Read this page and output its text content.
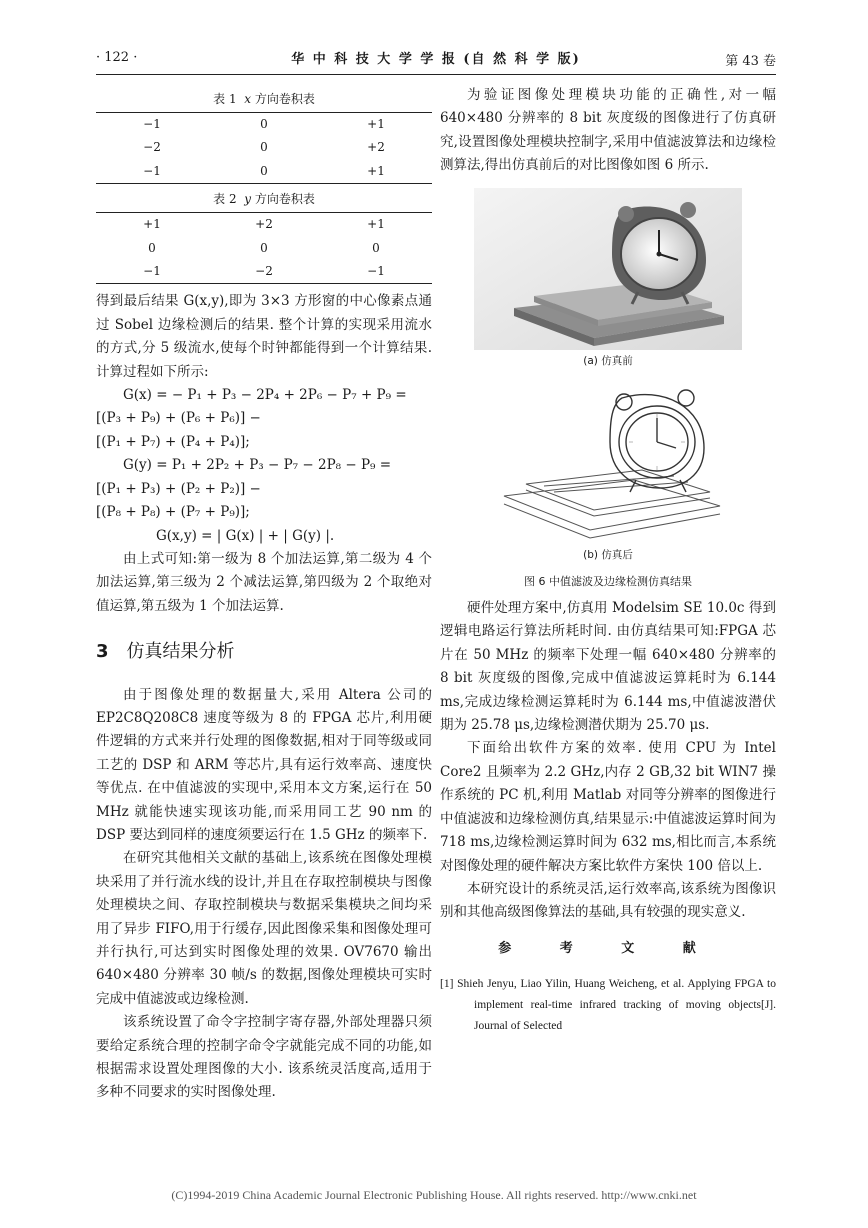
· 122 ·	华 中 科 技 大 学 学 报 (自 然 科 学 版)	第 43 卷
表 1 x 方向卷积表
−1	0	+1
−2	0	+2
−1	0	+1
表 2 y 方向卷积表
+1	+2	+1
0	0	0
−1	−2	−1

得到最后结果 G(x,y),即为 3×3 方形窗的中心像素点通过 Sobel 边缘检测后的结果. 整个计算的实现采用流水的方式,分 5 级流水,使每个时钟都能得到一个计算结果. 计算过程如下所示:

G(x) = − P₁ + P₃ − 2P₄ + 2P₆ − P₇ + P₉ =

[(P₃ + P₉) + (P₆ + P₆)] −

[(P₁ + P₇) + (P₄ + P₄)];

G(y) = P₁ + 2P₂ + P₃ − P₇ − 2P₈ − P₉ =

[(P₁ + P₃) + (P₂ + P₂)] −

[(P₈ + P₈) + (P₇ + P₉)];

G(x,y) = | G(x) | + | G(y) |.

由上式可知:第一级为 8 个加法运算,第二级为 4 个加法运算,第三级为 2 个减法运算,第四级为 2 个取绝对值运算,第五级为 1 个加法运算.

3 仿真结果分析

由于图像处理的数据量大,采用 Altera 公司的 EP2C8Q208C8 速度等级为 8 的 FPGA 芯片,利用硬件逻辑的方式来并行处理的图像数据,相对于同等级或同工艺的 DSP 和 ARM 等芯片,具有运行效率高、速度快等优点. 在中值滤波的实现中,采用本文方案,运行在 50 MHz 就能快速实现该功能,而采用同工艺 90 nm 的 DSP 要达到同样的速度须要运行在 1.5 GHz 的频率下.

在研究其他相关文献的基础上,该系统在图像处理模块采用了并行流水线的设计,并且在存取控制模块与图像处理模块之间、存取控制模块与数据采集模块之间均采用了异步 FIFO,用于行缓存,因此图像采集和图像处理可并行执行,可达到实时图像处理的效果. OV7670 输出 640×480 分辨率 30 帧/s 的数据,图像处理模块可实时完成中值滤波或边缘检测.

该系统设置了命令字控制字寄存器,外部处理器只须要给定系统合理的控制字命令字就能完成不同的功能,如根据需求设置处理图像的大小. 该系统灵活度高,适用于多种不同要求的实时图像处理.

为验证图像处理模块功能的正确性,对一幅 640×480 分辨率的 8 bit 灰度级的图像进行了仿真研究,设置图像处理模块控制字,采用中值滤波算法和边缘检测算法,得出仿真前后的对比图像如图 6 所示.

(a) 仿真前
(b) 仿真后
图 6 中值滤波及边缘检测仿真结果

硬件处理方案中,仿真用 Modelsim SE 10.0c 得到逻辑电路运行算法所耗时间. 由仿真结果可知:FPGA 芯片在 50 MHz 的频率下处理一幅 640×480 分辨率的 8 bit 灰度级的图像,完成中值滤波运算耗时为 6.144 ms,完成边缘检测运算耗时为 6.144 ms,中值滤波潜伏期为 25.78 μs,边缘检测潜伏期为 25.70 μs.

下面给出软件方案的效率. 使用 CPU 为 Intel Core2 且频率为 2.2 GHz,内存 2 GB,32 bit WIN7 操作系统的 PC 机,利用 Matlab 对同等分辨率的图像进行中值滤波和边缘检测仿真,结果显示:中值滤波运算时间为 718 ms,边缘检测运算时间为 632 ms,相比而言,本系统对图像处理的硬件解决方案比软件方案快 100 倍以上.

本研究设计的系统灵活,运行效率高,该系统为图像识别和其他高级图像算法的基础,具有较强的现实意义.

参 考 文 献

[1] Shieh Jenyu, Liao Yilin, Huang Weicheng, et al. Applying FPGA to implement real-time infrared tracking of moving objects[J]. Journal of Selected

(C)1994-2019 China Academic Journal Electronic Publishing House. All rights reserved. http://www.cnki.net
